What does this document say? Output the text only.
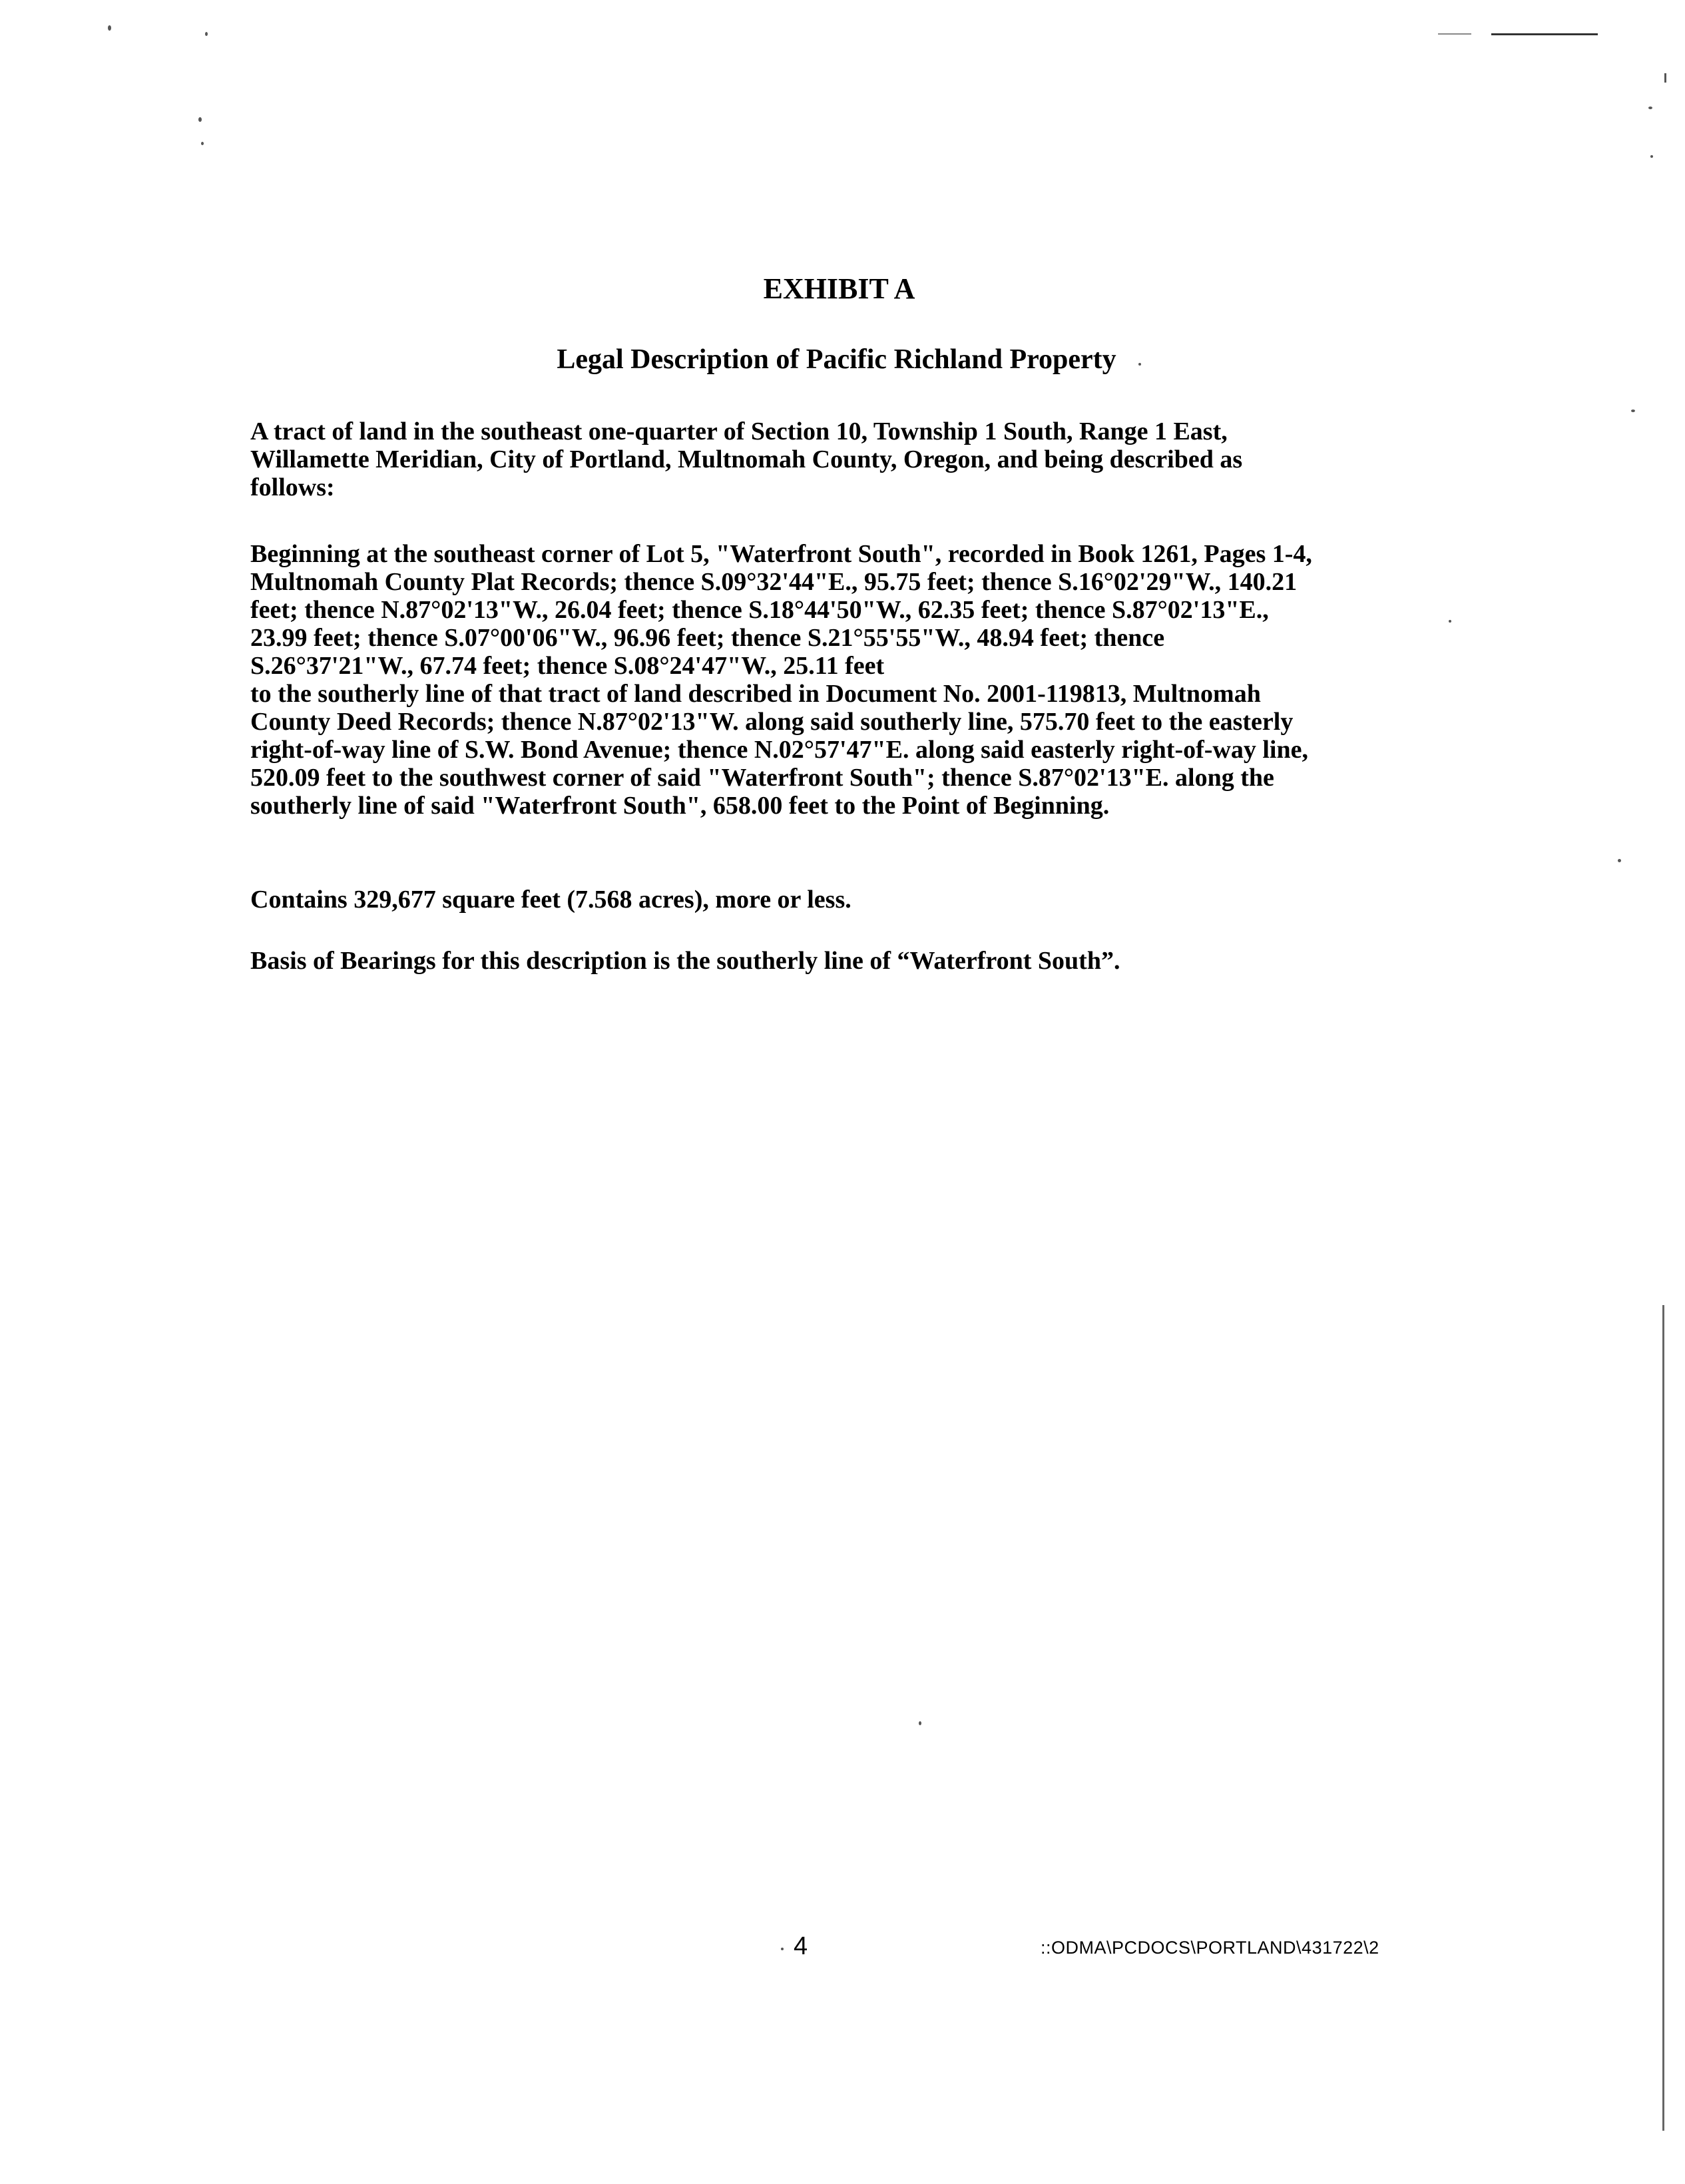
EXHIBIT A
Legal Description of Pacific Richland Property
A tract of land in the southeast one-quarter of Section 10, Township 1 South, Range 1 East,
Willamette Meridian, City of Portland, Multnomah County, Oregon, and being described as
follows:
Beginning at the southeast corner of Lot 5, "Waterfront South", recorded in Book 1261, Pages 1-4,
Multnomah County Plat Records; thence S.09°32'44"E., 95.75 feet; thence S.16°02'29"W., 140.21
feet; thence N.87°02'13"W., 26.04 feet; thence S.18°44'50"W., 62.35 feet; thence S.87°02'13"E.,
23.99 feet; thence S.07°00'06"W., 96.96 feet; thence S.21°55'55"W., 48.94 feet; thence
S.26°37'21"W., 67.74 feet; thence S.08°24'47"W., 25.11 feet
to the southerly line of that tract of land described in Document No. 2001-119813, Multnomah
County Deed Records; thence N.87°02'13"W. along said southerly line, 575.70 feet to the easterly
right-of-way line of S.W. Bond Avenue; thence N.02°57'47"E. along said easterly right-of-way line,
520.09 feet to the southwest corner of said "Waterfront South"; thence S.87°02'13"E. along the
southerly line of said "Waterfront South", 658.00 feet to the Point of Beginning.
Contains 329,677 square feet (7.568 acres), more or less.
Basis of Bearings for this description is the southerly line of “Waterfront South”.
4	::ODMA\PCDOCS\PORTLAND\431722\2
